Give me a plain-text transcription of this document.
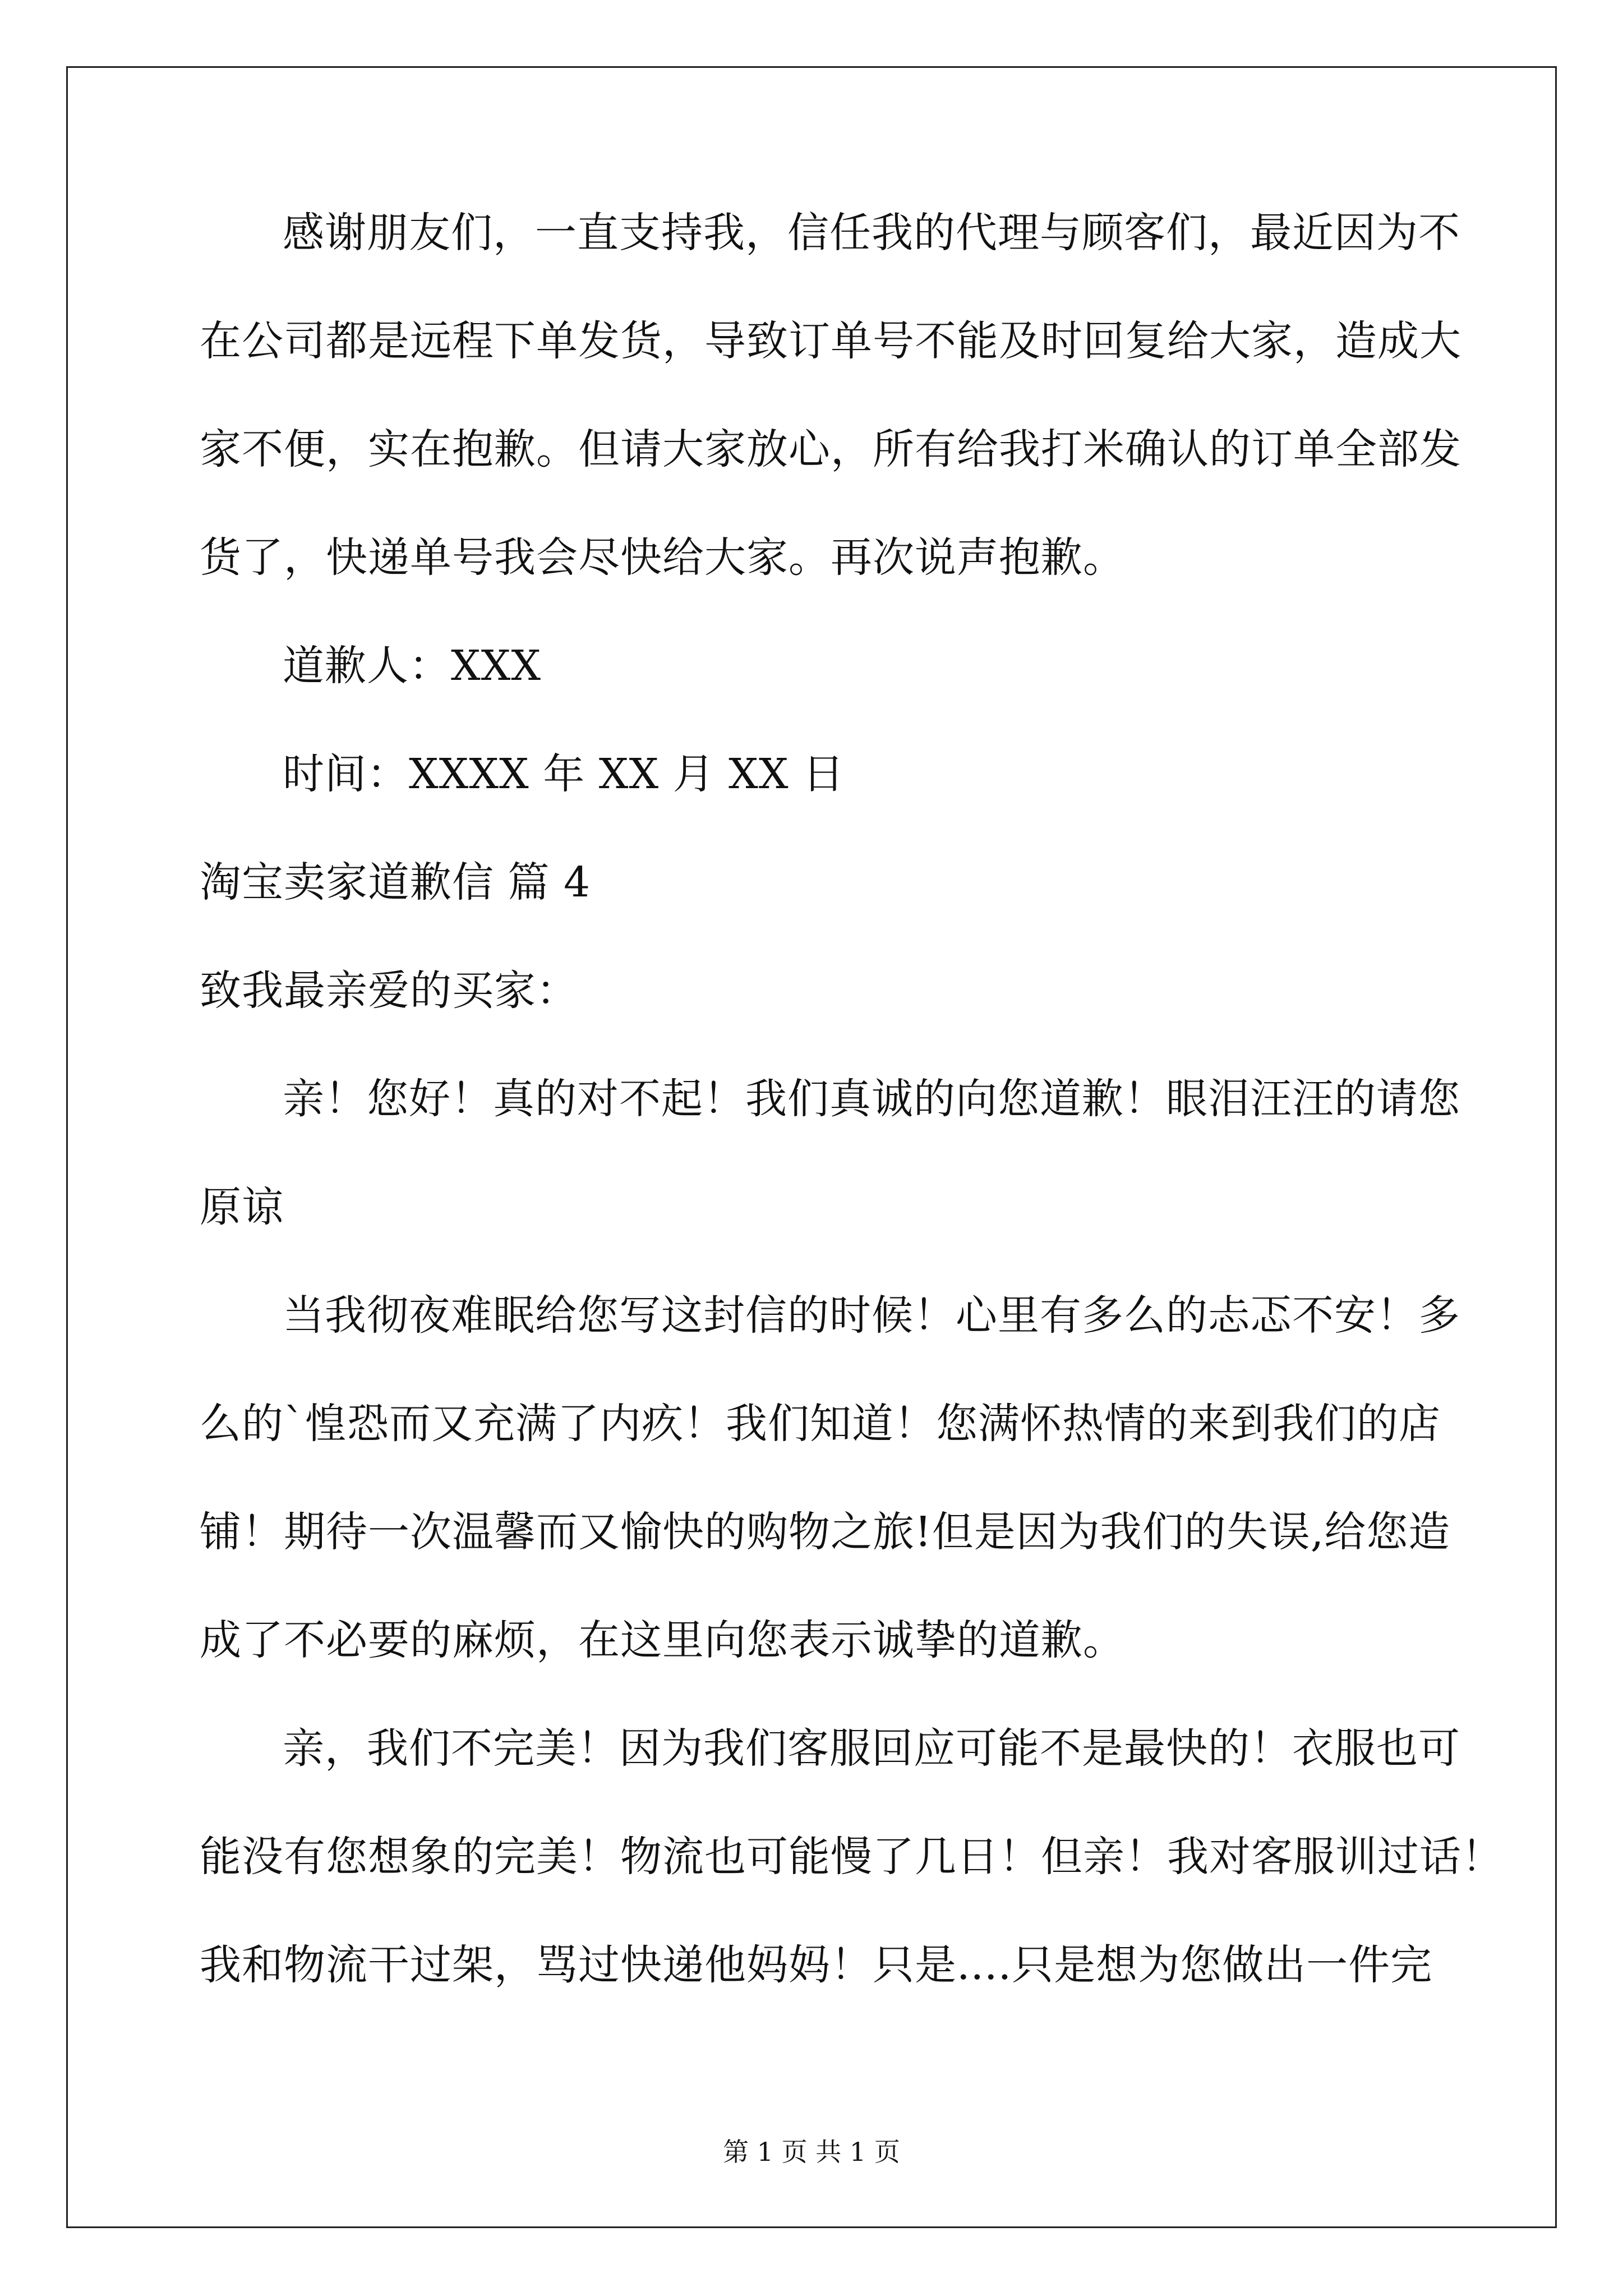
感谢朋友们，一直支持我，信任我的代理与顾客们，最近因为不
在公司都是远程下单发货，导致订单号不能及时回复给大家，造成大
家不便，实在抱歉。但请大家放心，所有给我打米确认的订单全部发
货了，快递单号我会尽快给大家。再次说声抱歉。
道歉人：XXX
时间：XXXX 年 XX 月 XX 日
淘宝卖家道歉信 篇 4
致我最亲爱的买家：
亲！您好！真的对不起！我们真诚的向您道歉！眼泪汪汪的请您
原谅
当我彻夜难眠给您写这封信的时候！心里有多么的忐忑不安！多
么的`惶恐而又充满了内疚！我们知道！您满怀热情的来到我们的店
铺！期待一次温馨而又愉快的购物之旅!但是因为我们的失误,给您造
成了不必要的麻烦，在这里向您表示诚挚的道歉。
亲，我们不完美！因为我们客服回应可能不是最快的！衣服也可
能没有您想象的完美！物流也可能慢了几日！但亲！我对客服训过话！
我和物流干过架，骂过快递他妈妈！只是....只是想为您做出一件完
第 1 页 共 1 页
